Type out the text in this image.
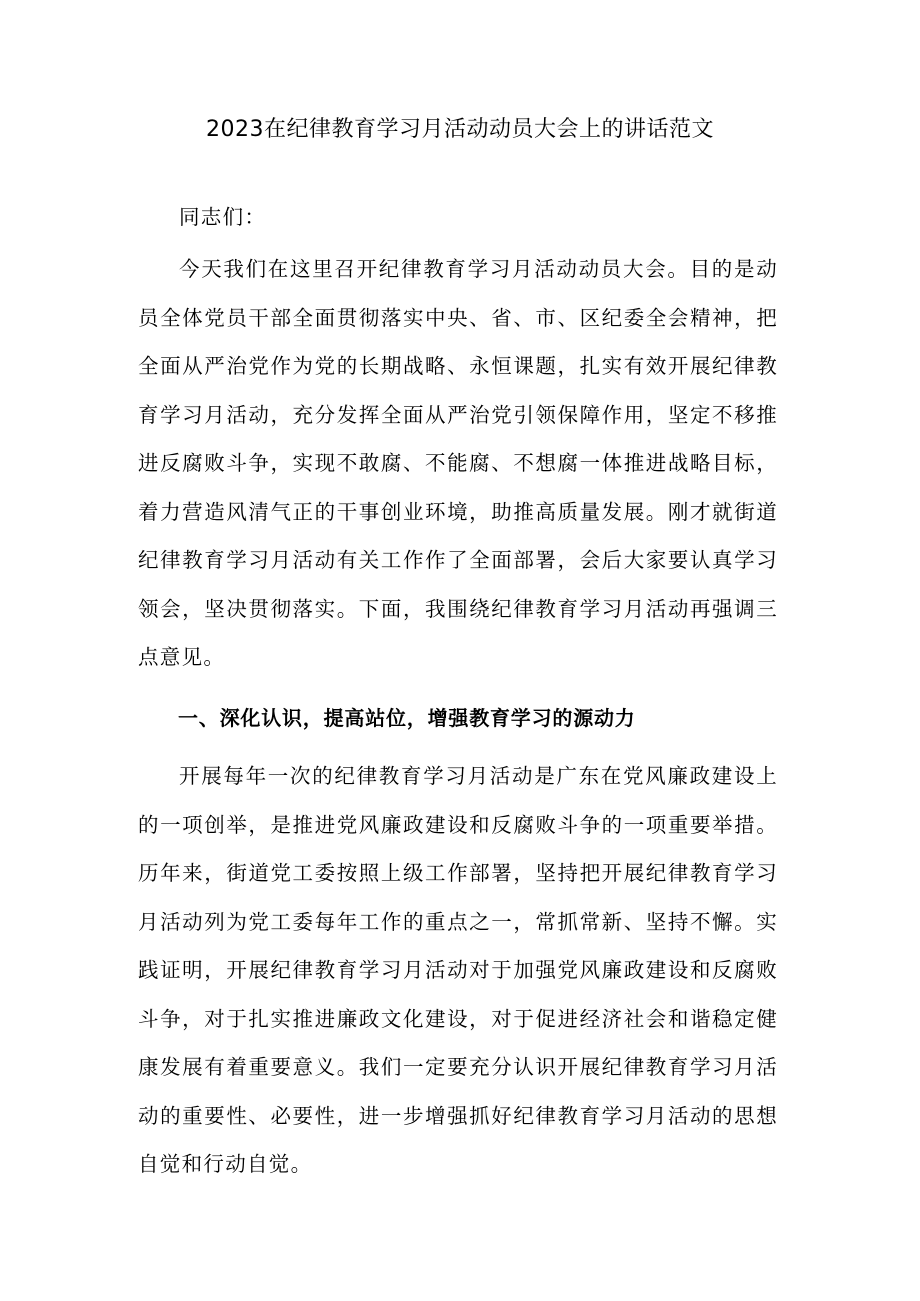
2023在纪律教育学习月活动动员大会上的讲话范文

同志们：

今天我们在这里召开纪律教育学习月活动动员大会。目的是动员全体党员干部全面贯彻落实中央、省、市、区纪委全会精神，把全面从严治党作为党的长期战略、永恒课题，扎实有效开展纪律教育学习月活动，充分发挥全面从严治党引领保障作用，坚定不移推进反腐败斗争，实现不敢腐、不能腐、不想腐一体推进战略目标，着力营造风清气正的干事创业环境，助推高质量发展。刚才就街道纪律教育学习月活动有关工作作了全面部署，会后大家要认真学习领会，坚决贯彻落实。下面，我围绕纪律教育学习月活动再强调三点意见。

一、深化认识，提高站位，增强教育学习的源动力

开展每年一次的纪律教育学习月活动是广东在党风廉政建设上的一项创举，是推进党风廉政建设和反腐败斗争的一项重要举措。历年来，街道党工委按照上级工作部署，坚持把开展纪律教育学习月活动列为党工委每年工作的重点之一，常抓常新、坚持不懈。实践证明，开展纪律教育学习月活动对于加强党风廉政建设和反腐败斗争，对于扎实推进廉政文化建设，对于促进经济社会和谐稳定健康发展有着重要意义。我们一定要充分认识开展纪律教育学习月活动的重要性、必要性，进一步增强抓好纪律教育学习月活动的思想自觉和行动自觉。
